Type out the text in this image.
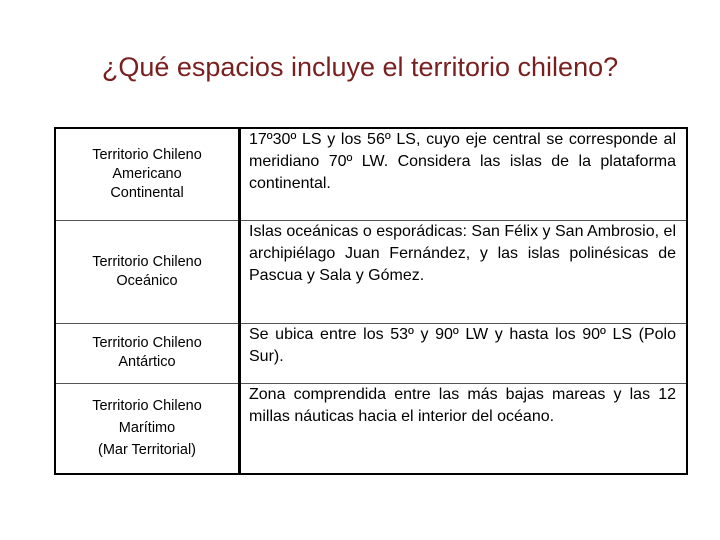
¿Qué espacios incluye el territorio chileno?
Territorio Chileno
Americano
Continental	17º30º LS y los 56º LS, cuyo eje central se corresponde al meridiano 70º LW. Considera las islas de la plataforma continental.

Territorio Chileno
Oceánico	Islas oceánicas o esporádicas: San Félix y San Ambrosio, el archipiélago Juan Fernández, y las islas polinésicas de Pascua y Sala y Gómez.

Territorio Chileno
Antártico	Se ubica entre los 53º y 90º LW y hasta los 90º LS (Polo Sur).

Territorio Chileno
Marítimo
(Mar Territorial)	Zona comprendida entre las más bajas mareas y las 12 millas náuticas hacia el interior del océano.
